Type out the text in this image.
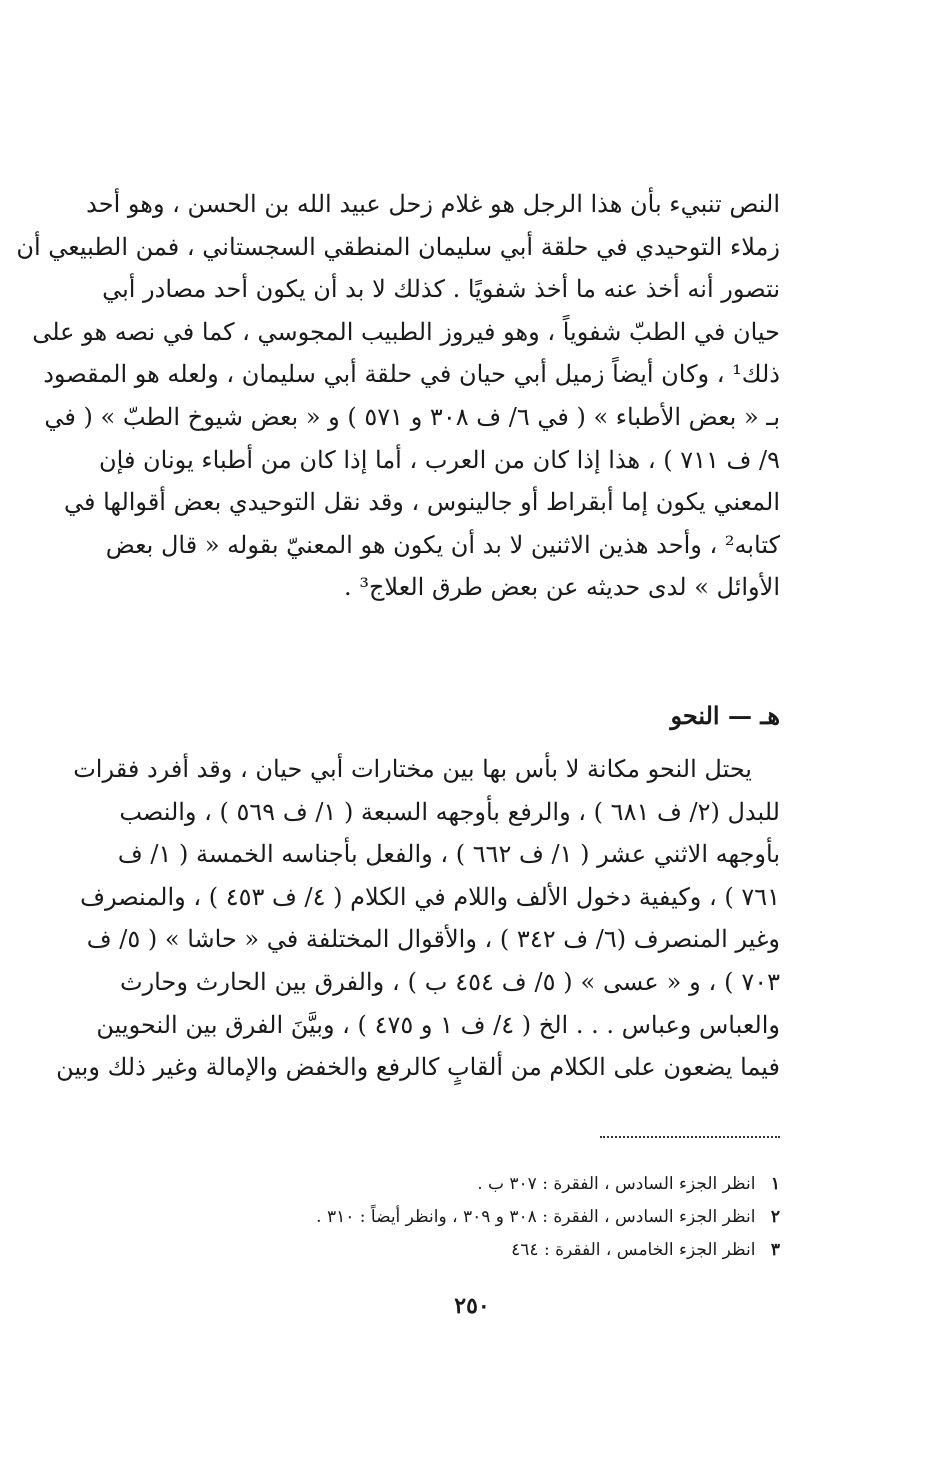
النص تنبيء بأن هذا الرجل هو غلام زحل عبيد الله بن الحسن ، وهو أحد
زملاء التوحيدي في حلقة أبي سليمان المنطقي السجستاني ، فمن الطبيعي أن
نتصور أنه أخذ عنه ما أخذ شفويًا . كذلك لا بد أن يكون أحد مصادر أبي
حيان في الطبّ شفوياً ، وهو فيروز الطبيب المجوسي ، كما في نصه هو على
ذلك¹ ، وكان أيضاً زميل أبي حيان في حلقة أبي سليمان ، ولعله هو المقصود
بـ « بعض الأطباء » ( في ٦/ ف ٣٠٨ و ٥٧١ ) و « بعض شيوخ الطبّ » ( في
٩/ ف ٧١١ ) ، هذا إذا كان من العرب ، أما إذا كان من أطباء يونان فإن
المعني يكون إما أبقراط أو جالينوس ، وقد نقل التوحيدي بعض أقوالها في
كتابه² ، وأحد هذين الاثنين لا بد أن يكون هو المعنيّ بقوله « قال بعض
الأوائل » لدى حديثه عن بعض طرق العلاج³ .
هـ — النحو
يحتل النحو مكانة لا بأس بها بين مختارات أبي حيان ، وقد أفرد فقرات
للبدل (٢/ ف ٦٨١ ) ، والرفع بأوجهه السبعة ( ١/ ف ٥٦٩ ) ، والنصب
بأوجهه الاثني عشر ( ١/ ف ٦٦٢ ) ، والفعل بأجناسه الخمسة ( ١/ ف
٧٦١ ) ، وكيفية دخول الألف واللام في الكلام ( ٤/ ف ٤٥٣ ) ، والمنصرف
وغير المنصرف (٦/ ف ٣٤٢ ) ، والأقوال المختلفة في « حاشا » ( ٥/ ف
٧٠٣ ) ، و « عسى » ( ٥/ ف ٤٥٤ ب ) ، والفرق بين الحارث وحارث
والعباس وعباس . . . الخ ( ٤/ ف ١ و ٤٧٥ ) ، وبيَّنَ الفرق بين النحويين
فيما يضعون على الكلام من ألقابٍ كالرفع والخفض والإمالة وغير ذلك وبين
١ انظر الجزء السادس ، الفقرة : ٣٠٧ ب .
٢ انظر الجزء السادس ، الفقرة : ٣٠٨ و ٣٠٩ ، وانظر أيضاً : ٣١٠ .
٣ انظر الجزء الخامس ، الفقرة : ٤٦٤
٢٥٠
